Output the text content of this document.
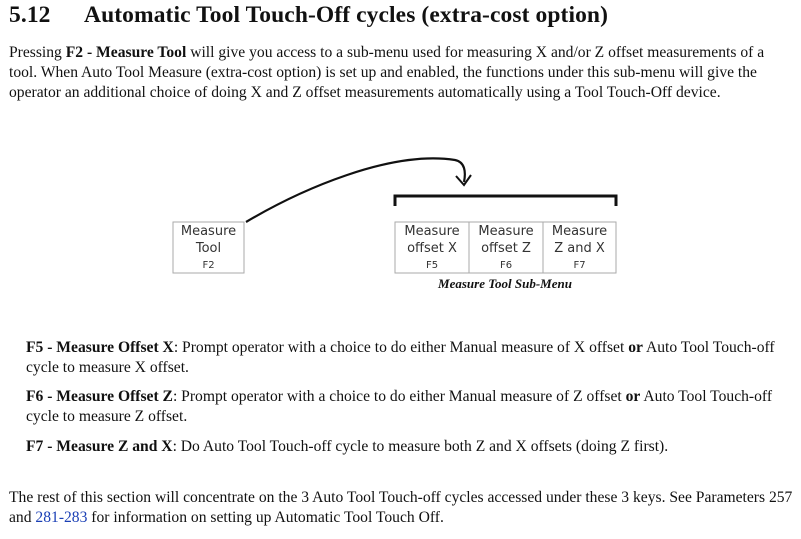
5.12 Automatic Tool Touch-Off cycles (extra-cost option)
Pressing F2 - Measure Tool will give you access to a sub-menu used for measuring X and/or Z offset measurements of a tool. When Auto Tool Measure (extra-cost option) is set up and enabled, the functions under this sub-menu will give the operator an additional choice of doing X and Z offset measurements automatically using a Tool Touch-Off device.
Measure
Tool
F2
Measure
offset X
F5
Measure
offset Z
F6
Measure
Z and X
F7
Measure Tool Sub-Menu
F5 - Measure Offset X: Prompt operator with a choice to do either Manual measure of X offset or Auto Tool Touch-off cycle to measure X offset.
F6 - Measure Offset Z: Prompt operator with a choice to do either Manual measure of Z offset or Auto Tool Touch-off cycle to measure Z offset.
F7 - Measure Z and X: Do Auto Tool Touch-off cycle to measure both Z and X offsets (doing Z first).
The rest of this section will concentrate on the 3 Auto Tool Touch-off cycles accessed under these 3 keys. See Parameters 257 and 281-283 for information on setting up Automatic Tool Touch Off.
